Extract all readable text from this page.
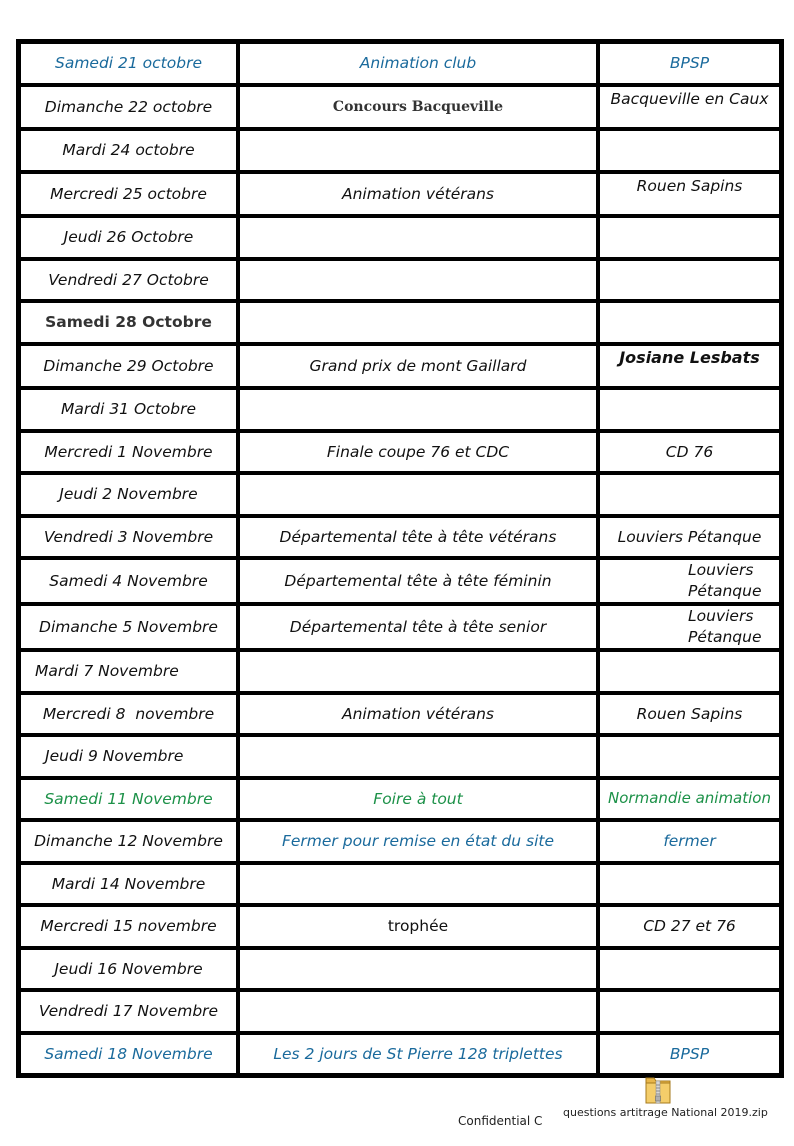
Samedi 21 octobre	Animation club	BPSP
Dimanche 22 octobre	Concours Bacqueville	Bacqueville en Caux
Mardi 24 octobre		
Mercredi 25 octobre	Animation vétérans	Rouen Sapins
Jeudi 26 Octobre		
Vendredi 27 Octobre		
Samedi 28 Octobre		
Dimanche 29 Octobre	Grand prix de mont Gaillard	Josiane Lesbats
Mardi 31 Octobre		
Mercredi 1 Novembre	Finale coupe 76 et CDC	CD 76
Jeudi 2 Novembre		
Vendredi 3 Novembre	Départemental tête à tête vétérans	Louviers Pétanque
Samedi 4 Novembre	Départemental tête à tête féminin	Louviers Pétanque
Dimanche 5 Novembre	Départemental tête à tête senior	Louviers Pétanque
Mardi 7 Novembre		
Mercredi 8  novembre	Animation vétérans	Rouen Sapins
Jeudi 9 Novembre		
Samedi 11 Novembre	Foire à tout	Normandie animation
Dimanche 12 Novembre	Fermer pour remise en état du site	fermer
Mardi 14 Novembre		
Mercredi 15 novembre	trophée	CD 27 et 76
Jeudi 16 Novembre		
Vendredi 17 Novembre		
Samedi 18 Novembre	Les 2 jours de St Pierre 128 triplettes	BPSP
questions artitrage National 2019.zip
Confidential C
